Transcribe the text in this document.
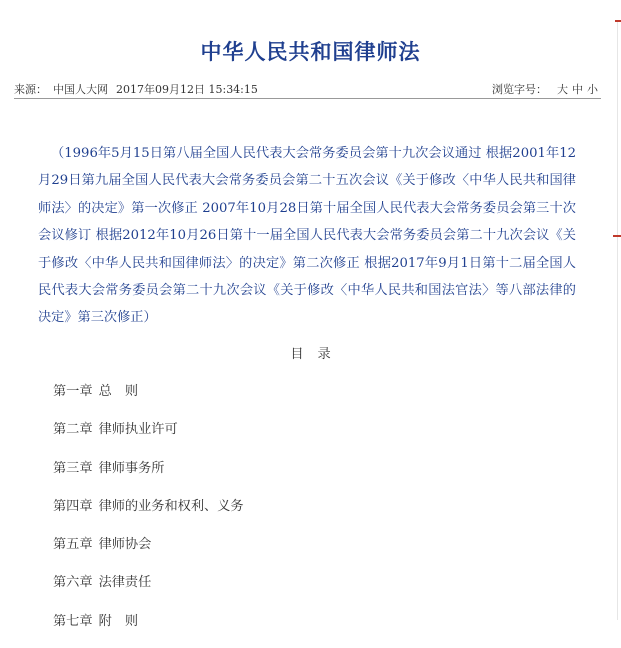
中华人民共和国律师法
来源： 中国人大网 2017年09月12日 15:34:15	浏览字号： 大 中 小
（1996年5月15日第八届全国人民代表大会常务委员会第十九次会议通过 根据2001年12月29日第九届全国人民代表大会常务委员会第二十五次会议《关于修改〈中华人民共和国律师法〉的决定》第一次修正 2007年10月28日第十届全国人民代表大会常务委员会第三十次会议修订 根据2012年10月26日第十一届全国人民代表大会常务委员会第二十九次会议《关于修改〈中华人民共和国律师法〉的决定》第二次修正 根据2017年9月1日第十二届全国人民代表大会常务委员会第二十九次会议《关于修改〈中华人民共和国法官法〉等八部法律的决定》第三次修正）
目录
第一章 总　则
第二章 律师执业许可
第三章 律师事务所
第四章 律师的业务和权利、义务
第五章 律师协会
第六章 法律责任
第七章 附　则
